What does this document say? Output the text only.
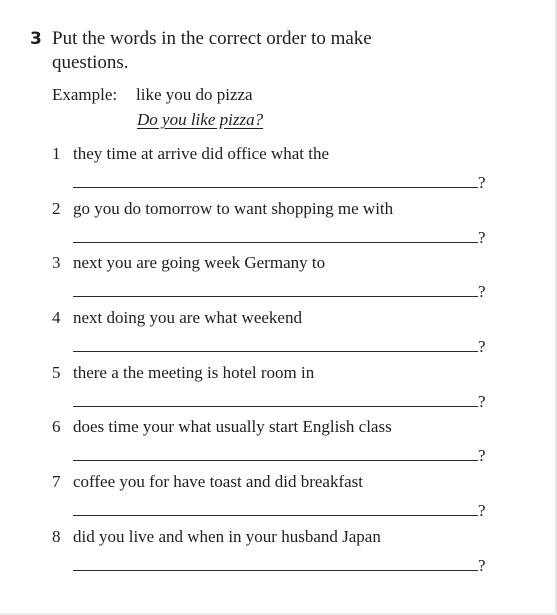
3 Put the words in the correct order to make questions.
Example: like you do pizza
Do you like pizza?
1 they time at arrive did office what the
?
2 go you do tomorrow to want shopping me with
?
3 next you are going week Germany to
?
4 next doing you are what weekend
?
5 there a the meeting is hotel room in
?
6 does time your what usually start English class
?
7 coffee you for have toast and did breakfast
?
8 did you live and when in your husband Japan
?
